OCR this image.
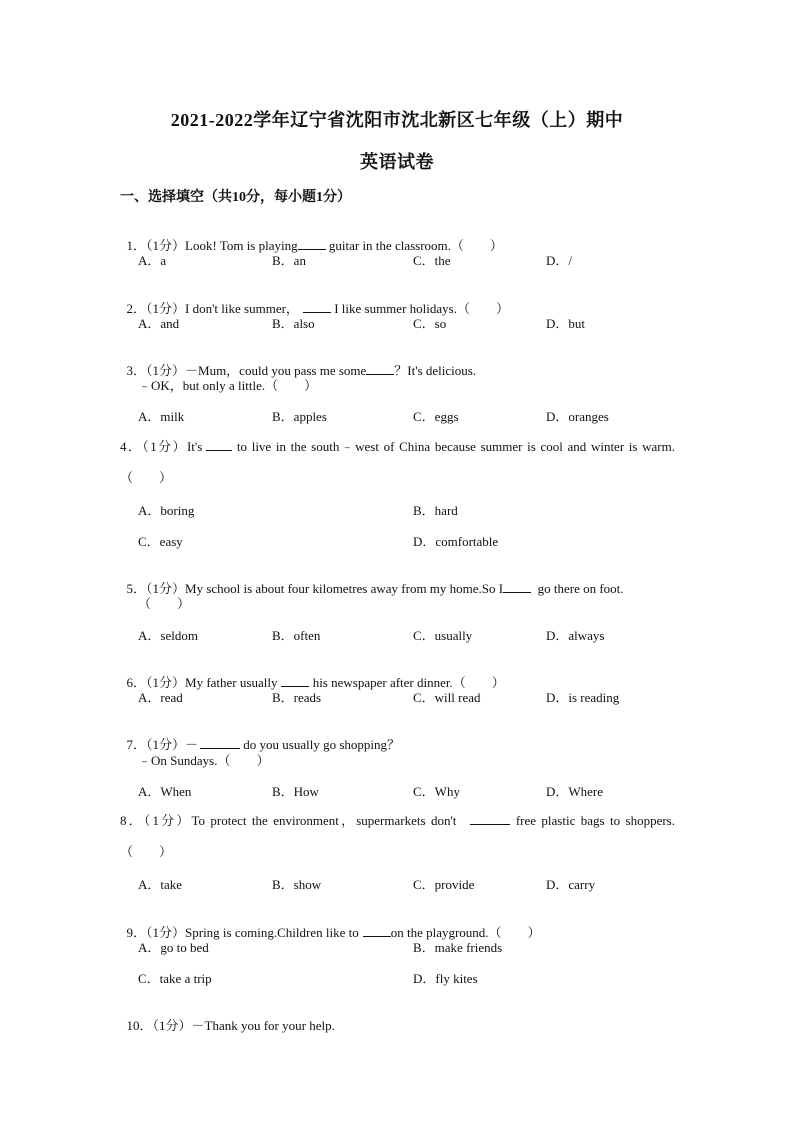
2021-2022学年辽宁省沈阳市沈北新区七年级（上）期中
英语试卷
一、选择填空（共10分，每小题1分）

1．（1分）Look! Tom is playing guitar in the classroom.（　　）

A．a	B．an	C．the	D．/

2．（1分）I don't like summer， I like summer holidays.（　　）

A．and	B．also	C．so	D．but

3．（1分）－Mum，could you pass me some ？It's delicious.

﹣OK，but only a little.（　　）
A．milk	B．apples	C．eggs	D．oranges
4．（1分）It's to live in the south﹣west of China because summer is cool and winter is warm.（　　）
A．boring	B．hard
C．easy	D．comfortable

5．（1分）My school is about four kilometres away from my home.So I  go there on foot.

（　　）
A．seldom	B．often	C．usually	D．always

6．（1分）My father usually his newspaper after dinner.（　　）

A．read	B．reads	C．will read	D．is reading

7．（1分）－	do you usually go shopping？

﹣On Sundays.（　　）
A．When	B．How	C．Why	D．Where
8．（1分）To protect the environment，supermarkets don't	free plastic bags to shoppers.（　　）
A．take	B．show	C．provide	D．carry

9．（1分）Spring is coming.Children like to on the playground.（　　）

A．go to bed	B．make friends
C．take a trip	D．fly kites

10．（1分）－Thank you for your help.
